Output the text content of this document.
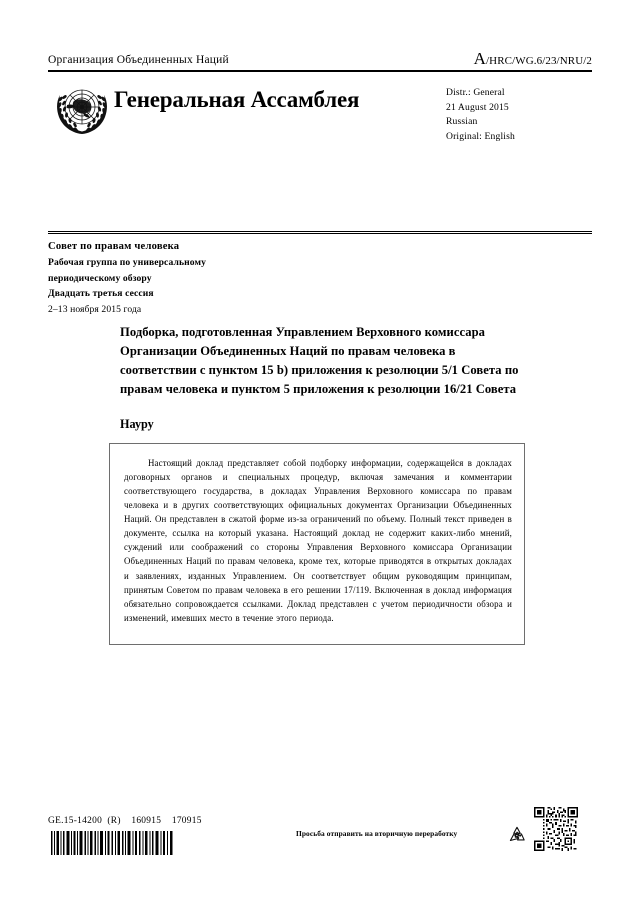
Организация Объединенных Наций	A/HRC/WG.6/23/NRU/2
Генеральная Ассамблея	Distr.: General
21 August 2015
Russian
Original: English
Совет по правам человека
Рабочая группа по универсальному
периодическому обзору
Двадцать третья сессия
2–13 ноября 2015 года
Подборка, подготовленная Управлением Верховного комиссара Организации Объединенных Наций по правам человека в соответствии с пунктом 15 b) приложения к резолюции 5/1 Совета по правам человека и пунктом 5 приложения к резолюции 16/21 Совета
Науру
Настоящий доклад представляет собой подборку информации, содержащейся в докладах договорных органов и специальных процедур, включая замечания и комментарии соответствующего государства, в докладах Управления Верховного комиссара по правам человека и в других соответствующих официальных документах Организации Объединенных Наций. Он представлен в сжатой форме из-за ограничений по объему. Полный текст приведен в документе, ссылка на который указана. Настоящий доклад не содержит каких-либо мнений, суждений или соображений со стороны Управления Верховного комиссара Организации Объединенных Наций по правам человека, кроме тех, которые приводятся в открытых докладах и заявлениях, изданных Управлением. Он соответствует общим руководящим принципам, принятым Советом по правам человека в его решении 17/119. Включенная в доклад информация обязательно сопровождается ссылками. Доклад представлен с учетом периодичности обзора и изменений, имевших место в течение этого периода.
GE.15-14200  (R)    160915    170915
Просьба отправить на вторичную переработку
